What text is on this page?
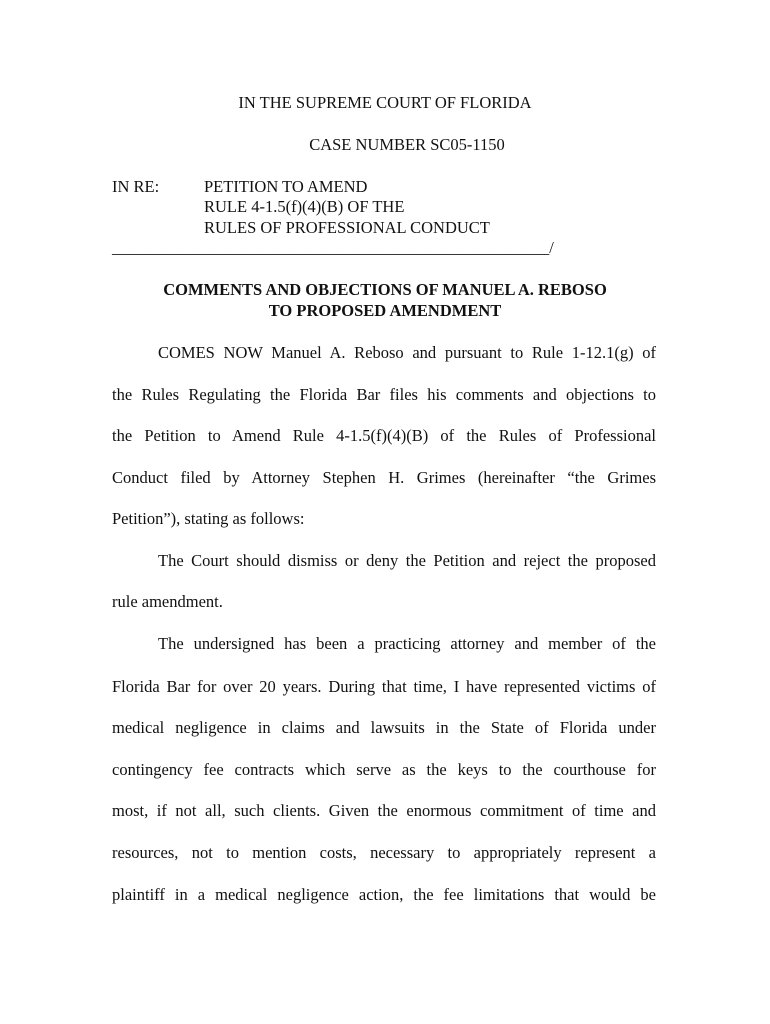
IN THE SUPREME COURT OF FLORIDA
CASE NUMBER SC05-1150
IN RE:	PETITION TO AMEND
RULE 4-1.5(f)(4)(B) OF THE
RULES OF PROFESSIONAL CONDUCT
_____________________________________________________/
COMMENTS AND OBJECTIONS OF MANUEL A. REBOSO
TO PROPOSED AMENDMENT
COMES NOW Manuel A. Reboso and pursuant to Rule 1-12.1(g) of
the Rules Regulating the Florida Bar files his comments and objections to
the Petition to Amend Rule 4-1.5(f)(4)(B) of the Rules of Professional
Conduct filed by Attorney Stephen H. Grimes (hereinafter “the Grimes
Petition”), stating as follows:
The Court should dismiss or deny the Petition and reject the proposed
rule amendment.
The undersigned has been a practicing attorney and member of the
Florida Bar for over 20 years. During that time, I have represented victims of
medical negligence in claims and lawsuits in the State of Florida under
contingency fee contracts which serve as the keys to the courthouse for
most, if not all, such clients. Given the enormous commitment of time and
resources, not to mention costs, necessary to appropriately represent a
plaintiff in a medical negligence action, the fee limitations that would be
